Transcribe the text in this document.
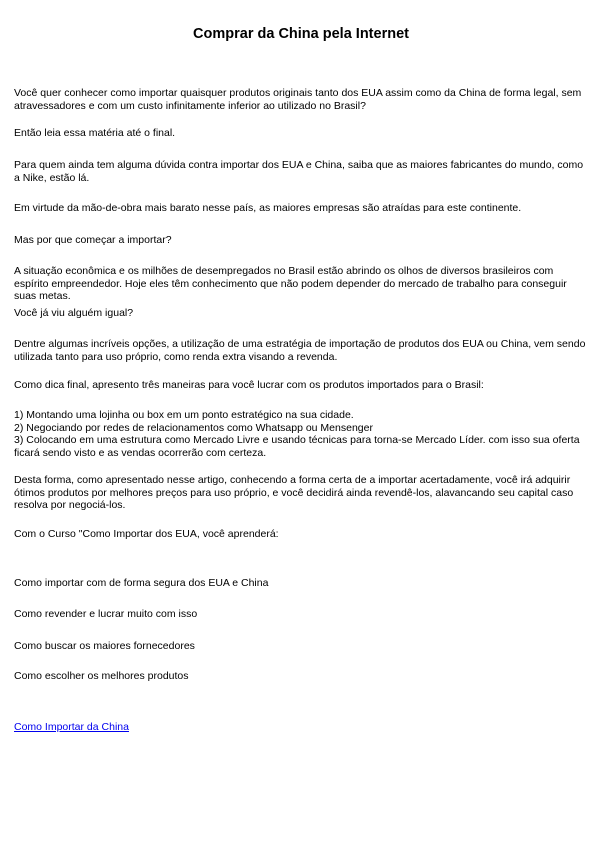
Comprar da China pela Internet

Você quer conhecer como importar quaisquer produtos originais tanto dos EUA assim como da China de forma legal, sem atravessadores e com um custo infinitamente inferior ao utilizado no Brasil?

Então leia essa matéria até o final.

Para quem ainda tem alguma dúvida contra importar dos EUA e China, saiba que as maiores fabricantes do mundo, como a Nike, estão lá.

Em virtude da mão-de-obra mais barato nesse país, as maiores empresas são atraídas para este continente.

Mas por que começar a importar?

A situação econômica e os milhões de desempregados no Brasil estão abrindo os olhos de diversos brasileiros com espírito empreendedor. Hoje eles têm conhecimento que não podem depender do mercado de trabalho para conseguir suas metas.

Você já viu alguém igual?

Dentre algumas incríveis opções, a utilização de uma estratégia de importação de produtos dos EUA ou China, vem sendo utilizada tanto para uso próprio, como renda extra visando a revenda.

Como dica final, apresento três maneiras para você lucrar com os produtos importados para o Brasil:

1) Montando uma lojinha ou box em um ponto estratégico na sua cidade.
2) Negociando por redes de relacionamentos como Whatsapp ou Mensenger
3) Colocando em uma estrutura como Mercado Livre e usando técnicas para torna-se Mercado Líder. com isso sua oferta ficará sendo visto e as vendas ocorrerão com certeza.

Desta forma, como apresentado nesse artigo, conhecendo a forma certa de a importar acertadamente, você irá adquirir ótimos produtos por melhores preços para uso próprio, e você decidirá ainda revendê-los, alavancando seu capital caso resolva por negociá-los.

Com o Curso "Como Importar dos EUA, você aprenderá:

Como importar com de forma segura dos EUA e China

Como revender e lucrar muito com isso

Como buscar os maiores fornecedores

Como escolher os melhores produtos

Como Importar da China
